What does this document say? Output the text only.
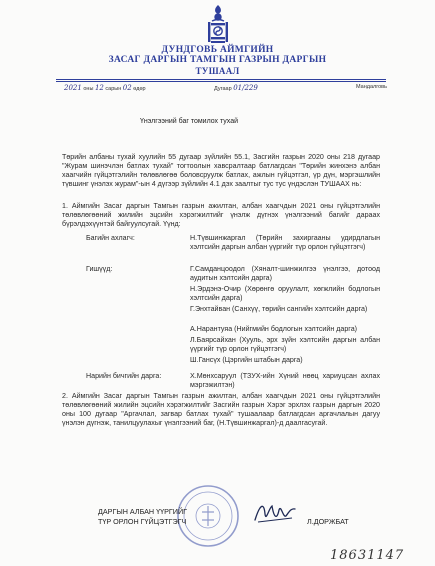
ДУНДГОВЬ АЙМГИЙН
ЗАСАГ ДАРГЫН ТАМГЫН ГАЗРЫН ДАРГЫН
ТУШААЛ
2021 оны 12 сарын 02 өдөр	Дугаар 01/229	Мандалговь
Үнэлгээний баг томилох тухай
Төрийн албаны тухай хуулийн 55 дугаар зүйлийн 55.1, Засгийн газрын 2020 оны 218 дугаар "Журам шинэчлэн батлах тухай" тогтоолын хавсралтаар батлагдсан "Төрийн жинхэнэ албан хаагчийн гүйцэтгэлийн төлөвлөгөө боловсруулж батлах, ажлын гүйцэтгэл, үр дүн, мэргэшлийн түвшинг үнэлэх журам"-ын 4 дүгээр зүйлийн 4.1 дэх заалтыг тус тус үндэслэн ТУШААХ нь:
1. Аймгийн Засаг даргын Тамгын газрын ажилтан, албан хаагчдын 2021 оны гүйцэтгэлийн төлөвлөгөөний жилийн эцсийн хэрэгжилтийг үнэлж дүгнэх үнэлгээний багийг дараах бүрэлдэхүүнтэй байгуулсугай. Үүнд:
Багийн ахлагч:	Н.Түвшинжаргал (Төрийн захиргааны удирдлагын хэлтсийн даргын албан үүргийг түр орлон гүйцэтгэгч)
Гишүүд:	Г.Самданцоодол (Хяналт-шинжилгээ үнэлгээ, дотоод аудитын хэлтсийн дарга)
Н.Эрдэнэ-Очир (Хөрөнгө оруулалт, хөгжлийн бодлогын хэлтсийн дарга)
Г.Энхтайван (Санхүү, төрийн сангийн хэлтсийн дарга)
А.Нарантуяа (Нийгмийн бодлогын хэлтсийн дарга)
Л.Баярсайхан (Хууль, эрх зүйн хэлтсийн даргын албан үүргийг түр орлон гүйцэтгэгч)
Ш.Гансүх (Цэргийн штабын дарга)
Нарийн бичгийн дарга:	Х.Мөнхсаруул (ТЗУХ-ийн Хүний нөөц хариуцсан ахлах мэргэжилтэн)
2. Аймгийн Засаг даргын Тамгын газрын ажилтан, албан хаагчдын 2021 оны гүйцэтгэлийн төлөвлөгөөний жилийн эцсийн хэрэгжилтийг Засгийн газрын Хэрэг эрхлэх газрын даргын 2020 оны 100 дугаар "Аргачлал, загвар батлах тухай" тушаалаар батлагдсан аргачлалын дагуу үнэлэн дүгнэж, танилцуулахыг үнэлгээний баг, (Н.Түвшинжаргал)-д даалгасугай.
ДАРГЫН АЛБАН ҮҮРГИЙГ
ТҮР ОРЛОН ГҮЙЦЭТГЭГЧ	Л.ДОРЖБАТ
18631147
